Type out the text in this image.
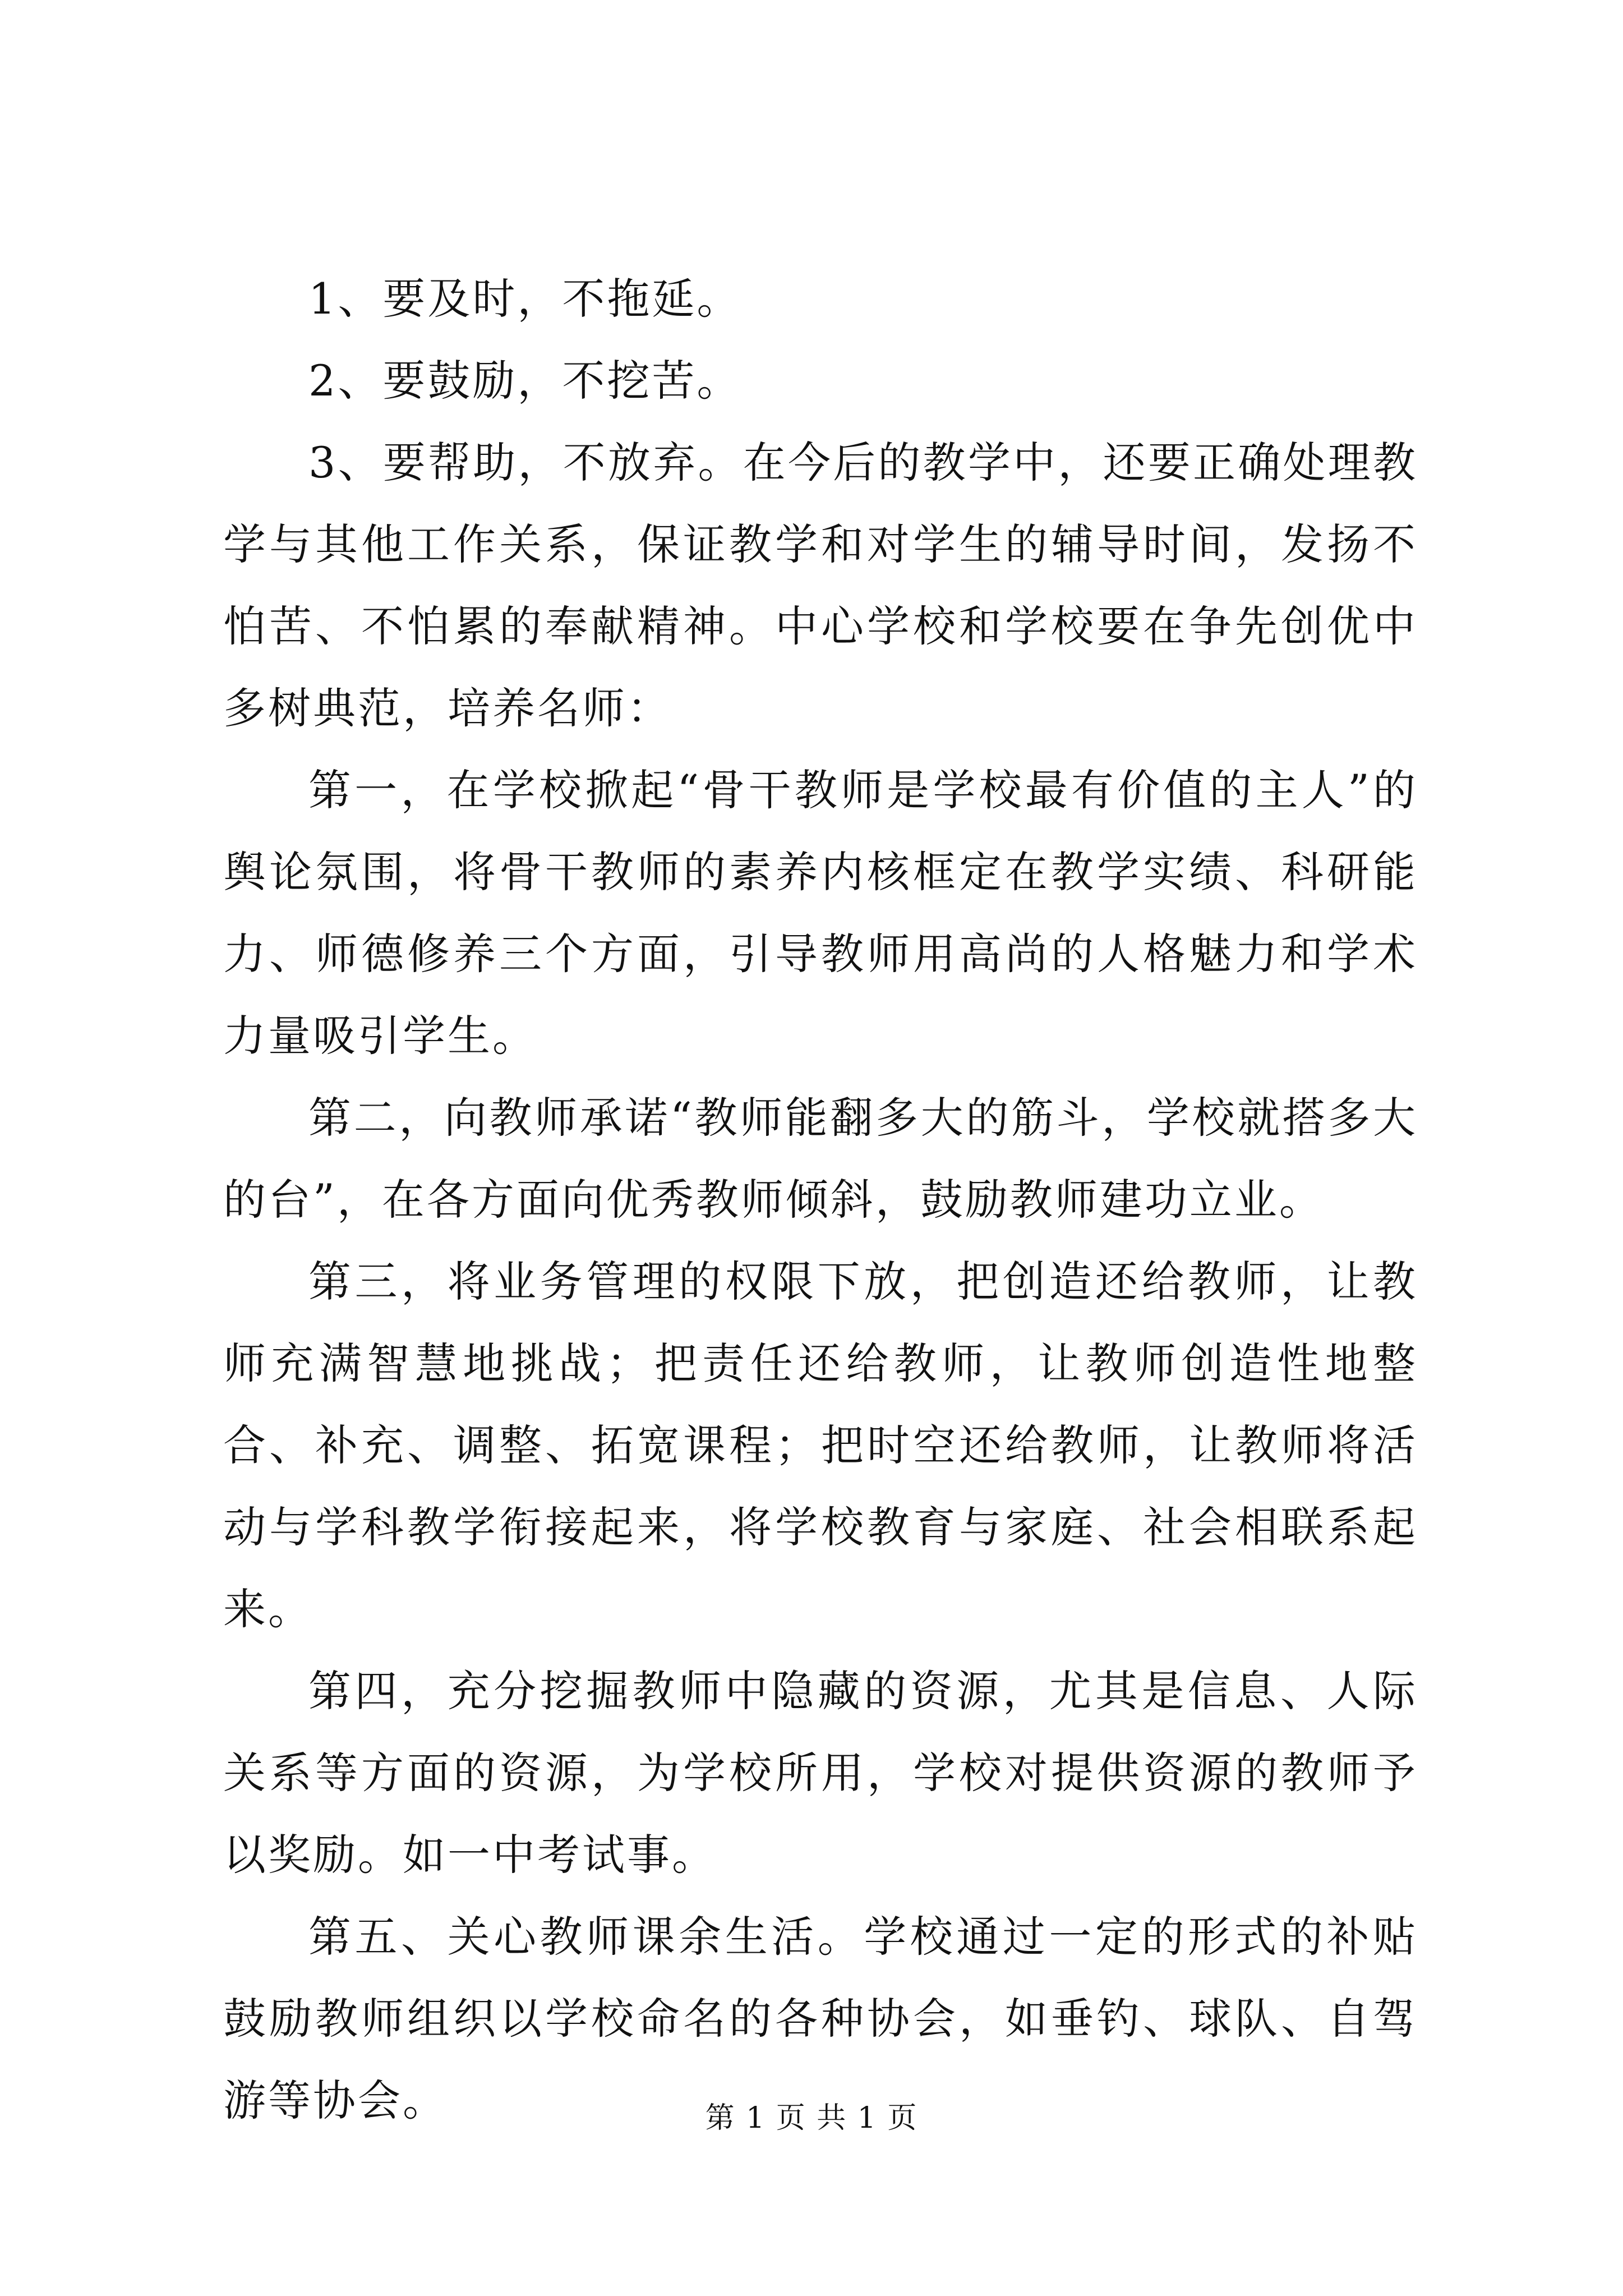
1、要及时，不拖延。

2、要鼓励，不挖苦。

3、要帮助，不放弃。在今后的教学中，还要正确处理教学与其他工作关系，保证教学和对学生的辅导时间，发扬不怕苦、不怕累的奉献精神。中心学校和学校要在争先创优中多树典范，培养名师：

第一，在学校掀起“骨干教师是学校最有价值的主人”的舆论氛围，将骨干教师的素养内核框定在教学实绩、科研能力、师德修养三个方面，引导教师用高尚的人格魅力和学术力量吸引学生。

第二，向教师承诺“教师能翻多大的筋斗，学校就搭多大的台”，在各方面向优秀教师倾斜，鼓励教师建功立业。

第三，将业务管理的权限下放，把创造还给教师，让教师充满智慧地挑战；把责任还给教师，让教师创造性地整合、补充、调整、拓宽课程；把时空还给教师，让教师将活动与学科教学衔接起来，将学校教育与家庭、社会相联系起来。

第四，充分挖掘教师中隐藏的资源，尤其是信息、人际关系等方面的资源，为学校所用，学校对提供资源的教师予以奖励。如一中考试事。

第五、关心教师课余生活。学校通过一定的形式的补贴鼓励教师组织以学校命名的各种协会，如垂钓、球队、自驾游等协会。	第 1 页 共 1 页
